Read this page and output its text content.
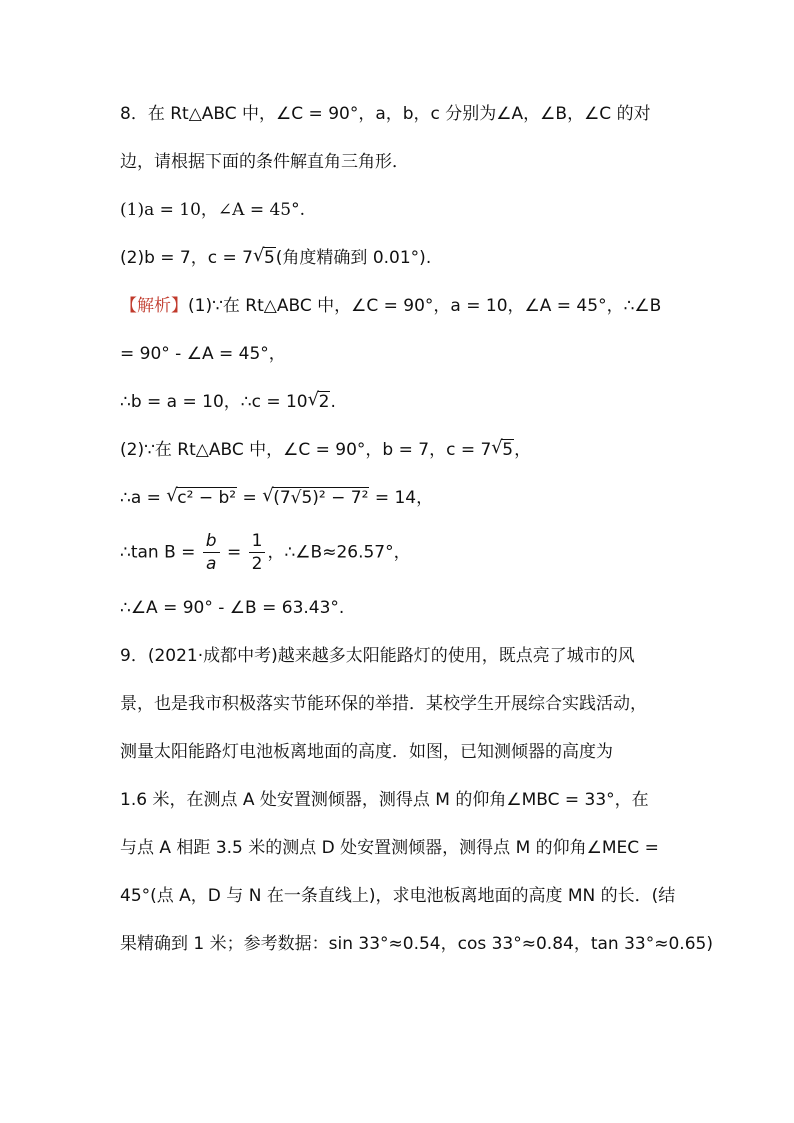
8．在 Rt△ABC 中，∠C = 90°，a，b，c 分别为∠A，∠B，∠C 的对
边，请根据下面的条件解直角三角形．
(1)a = 10，∠A = 45°.
(2)b = 7，c = 7 √ 5(角度精确到 0.01°).
【解析】(1)∵在 Rt△ABC 中，∠C = 90°，a = 10，∠A = 45°，∴∠B
= 90° - ∠A = 45°，
∴b = a = 10，∴c = 10 √ 2.
(2)∵在 Rt△ABC 中，∠C = 90°，b = 7，c = 7 √ 5，
∴a = √ c² − b² = √ (7√5)² − 7² = 14，
∴tan $B = \frac{b}{a} = \frac{1}{2}$ ，∴∠B≈26.57°，
∴∠A = 90° - ∠B = 63.43°.
9．(2021·成都中考)越来越多太阳能路灯的使用，既点亮了城市的风
景，也是我市积极落实节能环保的举措．某校学生开展综合实践活动，
测量太阳能路灯电池板离地面的高度．如图，已知测倾器的高度为
1.6 米，在测点 A 处安置测倾器，测得点 M 的仰角∠MBC = 33°，在
与点 A 相距 3.5 米的测点 D 处安置测倾器，测得点 M 的仰角∠MEC =
45°(点 A，D 与 N 在一条直线上)，求电池板离地面的高度 MN 的长．(结
果精确到 1 米；参考数据：sin 33°≈0.54，cos 33°≈0.84，tan 33°≈0.65)
